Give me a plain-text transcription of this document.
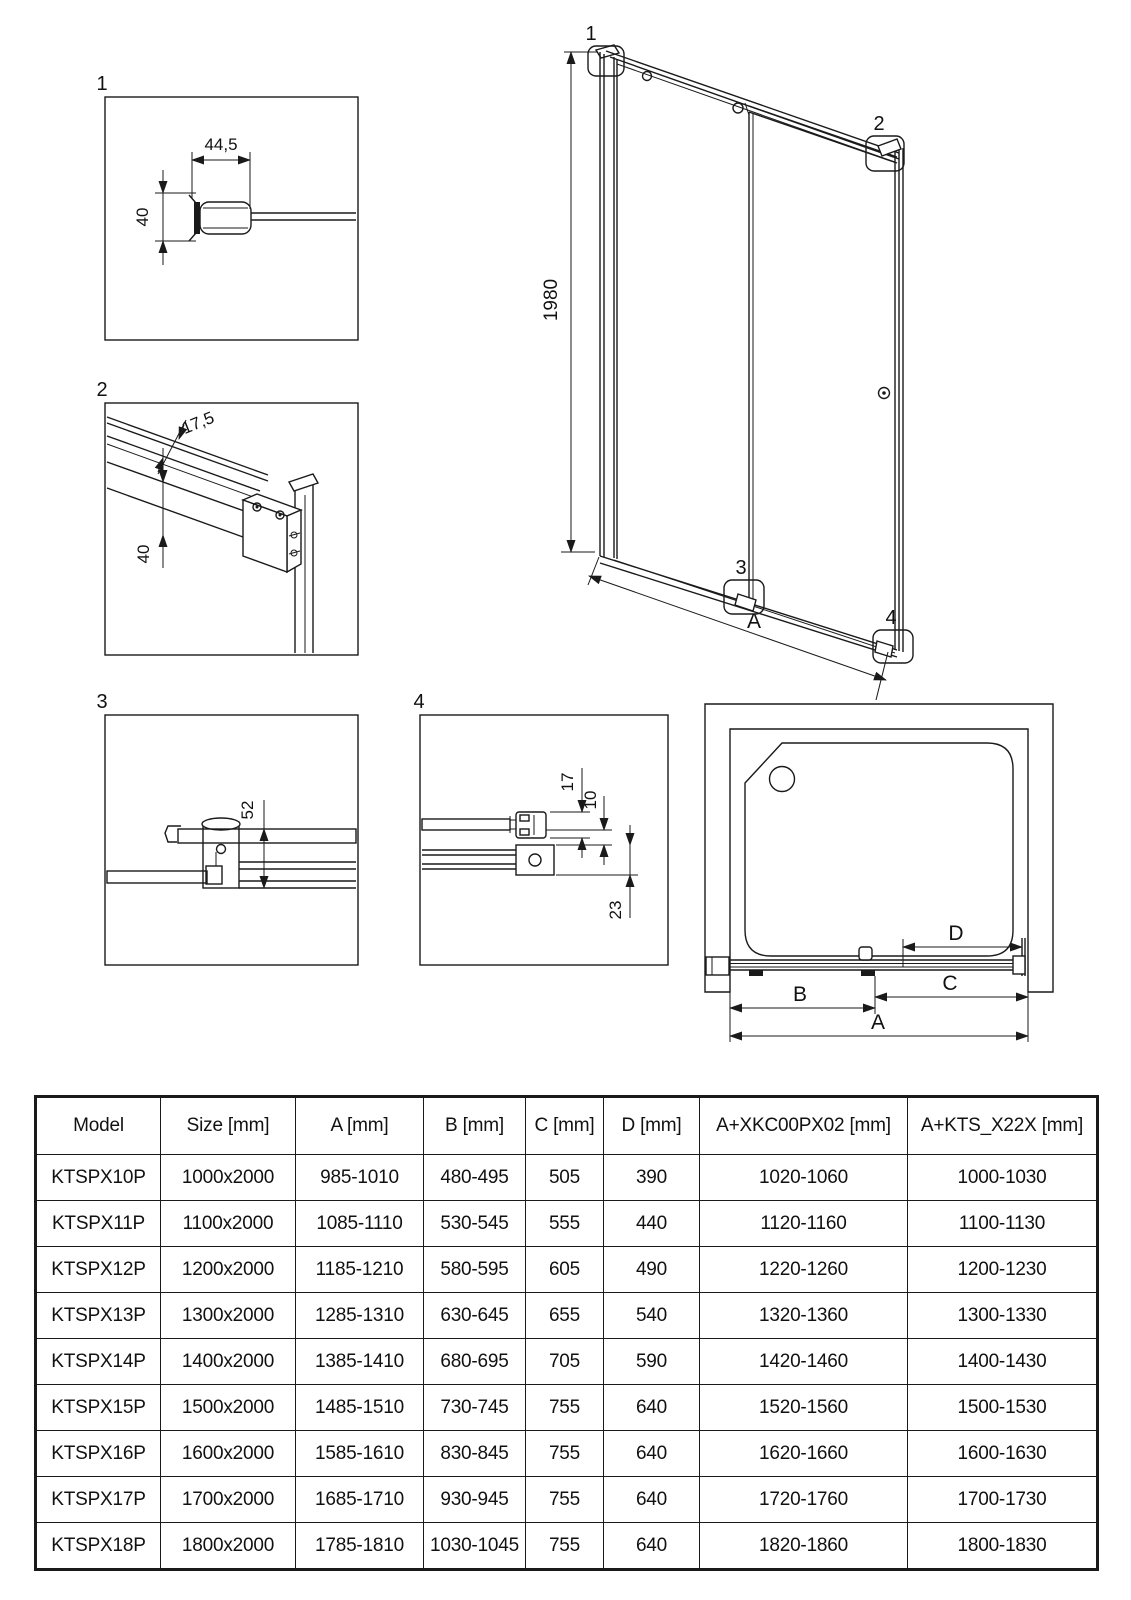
1
44,5
40
2
17,5
40
3
52
4
17
10
23
1
2
3
4
1980
A
D
C
B
A
Model	Size [mm]	A [mm]	B [mm]	C [mm]	D [mm]	A+XKC00PX02 [mm]	A+KTS_X22X [mm]
KTSPX10P	1000x2000	985-1010	480-495	505	390	1020-1060	1000-1030
KTSPX11P	1100x2000	1085-1110	530-545	555	440	1120-1160	1100-1130
KTSPX12P	1200x2000	1185-1210	580-595	605	490	1220-1260	1200-1230
KTSPX13P	1300x2000	1285-1310	630-645	655	540	1320-1360	1300-1330
KTSPX14P	1400x2000	1385-1410	680-695	705	590	1420-1460	1400-1430
KTSPX15P	1500x2000	1485-1510	730-745	755	640	1520-1560	1500-1530
KTSPX16P	1600x2000	1585-1610	830-845	755	640	1620-1660	1600-1630
KTSPX17P	1700x2000	1685-1710	930-945	755	640	1720-1760	1700-1730
KTSPX18P	1800x2000	1785-1810	1030-1045	755	640	1820-1860	1800-1830
